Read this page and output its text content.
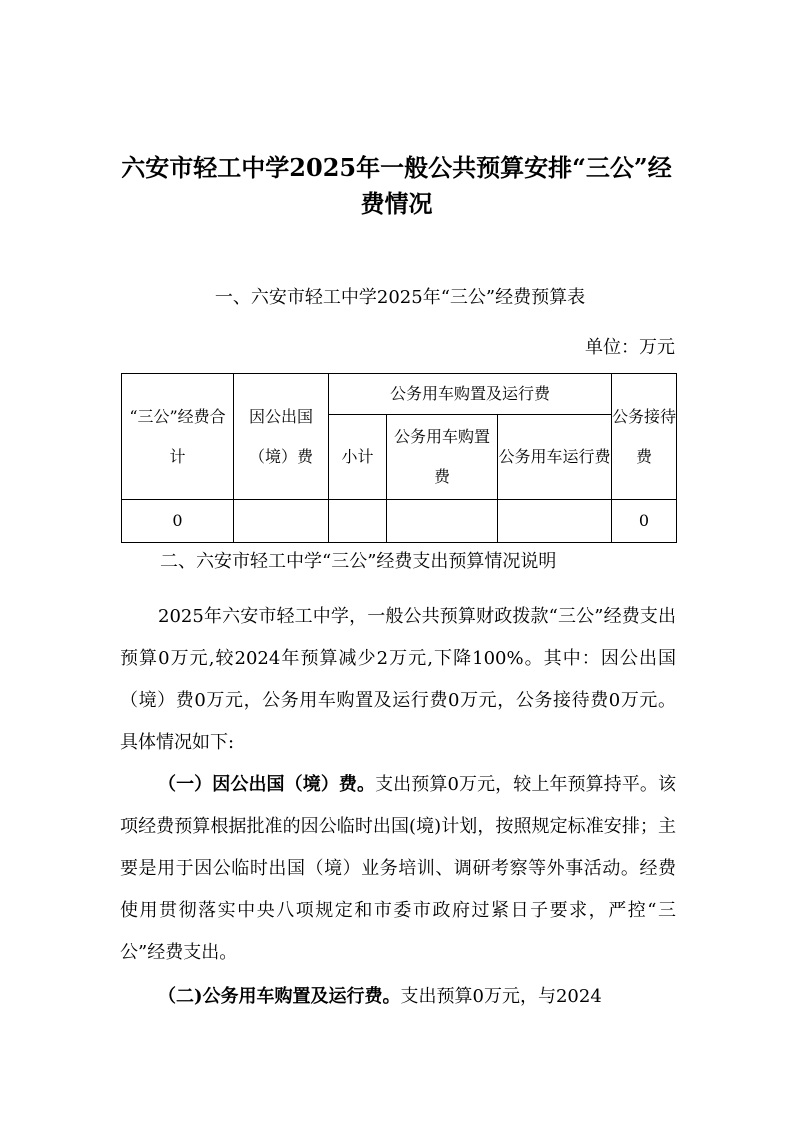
六安市轻工中学2025年一般公共预算安排“三公”经费情况
一、六安市轻工中学2025年“三公”经费预算表
单位：万元
“三公”经费合计	因公出国（境）费	公务用车购置及运行费			公务接待费

		小计	公务用车购置费	公务用车运行费	

0					0
二、六安市轻工中学“三公”经费支出预算情况说明

2025年六安市轻工中学，一般公共预算财政拨款“三公”经费支出预算0万元,较2024年预算减少2万元,下降100%。其中：因公出国（境）费0万元，公务用车购置及运行费0万元，公务接待费0万元。具体情况如下:

（一）因公出国（境）费。支出预算0万元，较上年预算持平。该项经费预算根据批准的因公临时出国(境)计划，按照规定标准安排；主要是用于因公临时出国（境）业务培训、调研考察等外事活动。经费使用贯彻落实中央八项规定和市委市政府过紧日子要求，严控“三公”经费支出。

（二)公务用车购置及运行费。支出预算0万元，与2024
